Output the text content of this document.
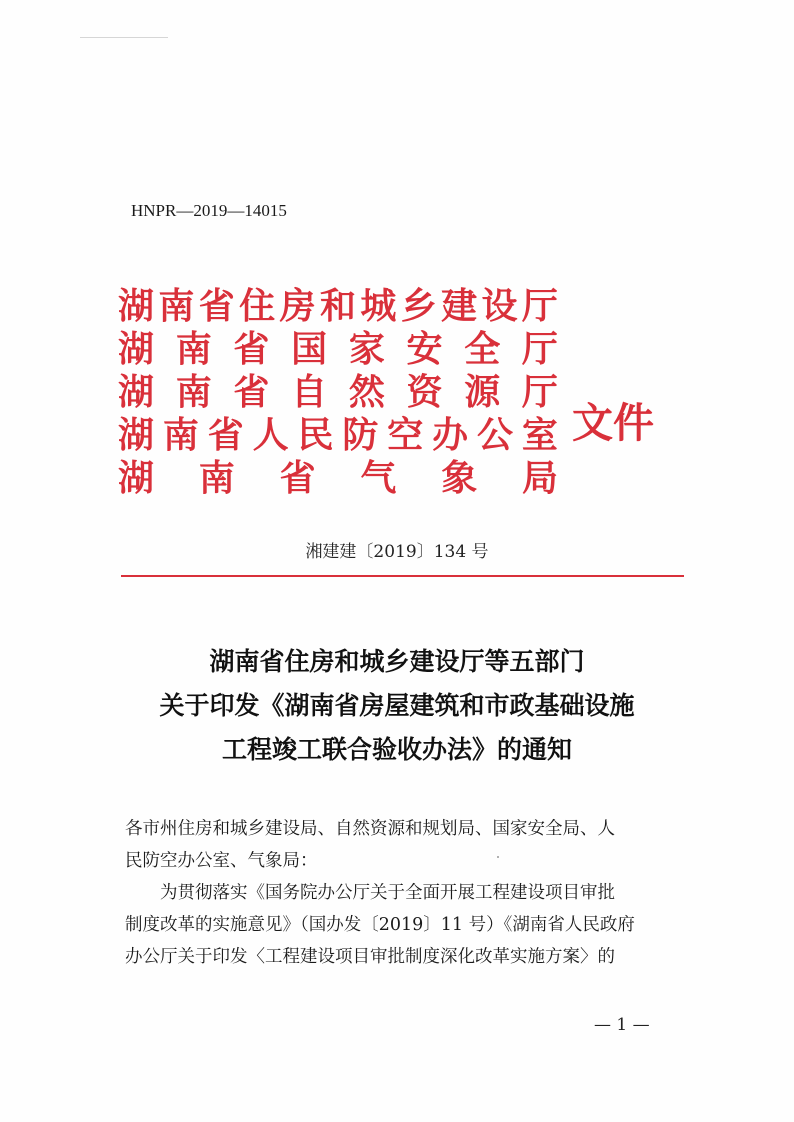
HNPR—2019—14015
湖 南 省 住 房 和 城 乡 建 设 厅
湖 南 省 国 家 安 全 厅
湖 南 省 自 然 资 源 厅
湖 南 省 人 民 防 空 办 公 室
湖 南 省 气 象 局
文件
湘建建〔2019〕134 号
湖南省住房和城乡建设厅等五部门
关于印发《湖南省房屋建筑和市政基础设施
工程竣工联合验收办法》的通知

各市州住房和城乡建设局、自然资源和规划局、国家安全局、人

民防空办公室、气象局：

为贯彻落实《国务院办公厅关于全面开展工程建设项目审批

制度改革的实施意见》（国办发〔2019〕11 号）《湖南省人民政府

办公厅关于印发〈工程建设项目审批制度深化改革实施方案〉的

— 1 —
